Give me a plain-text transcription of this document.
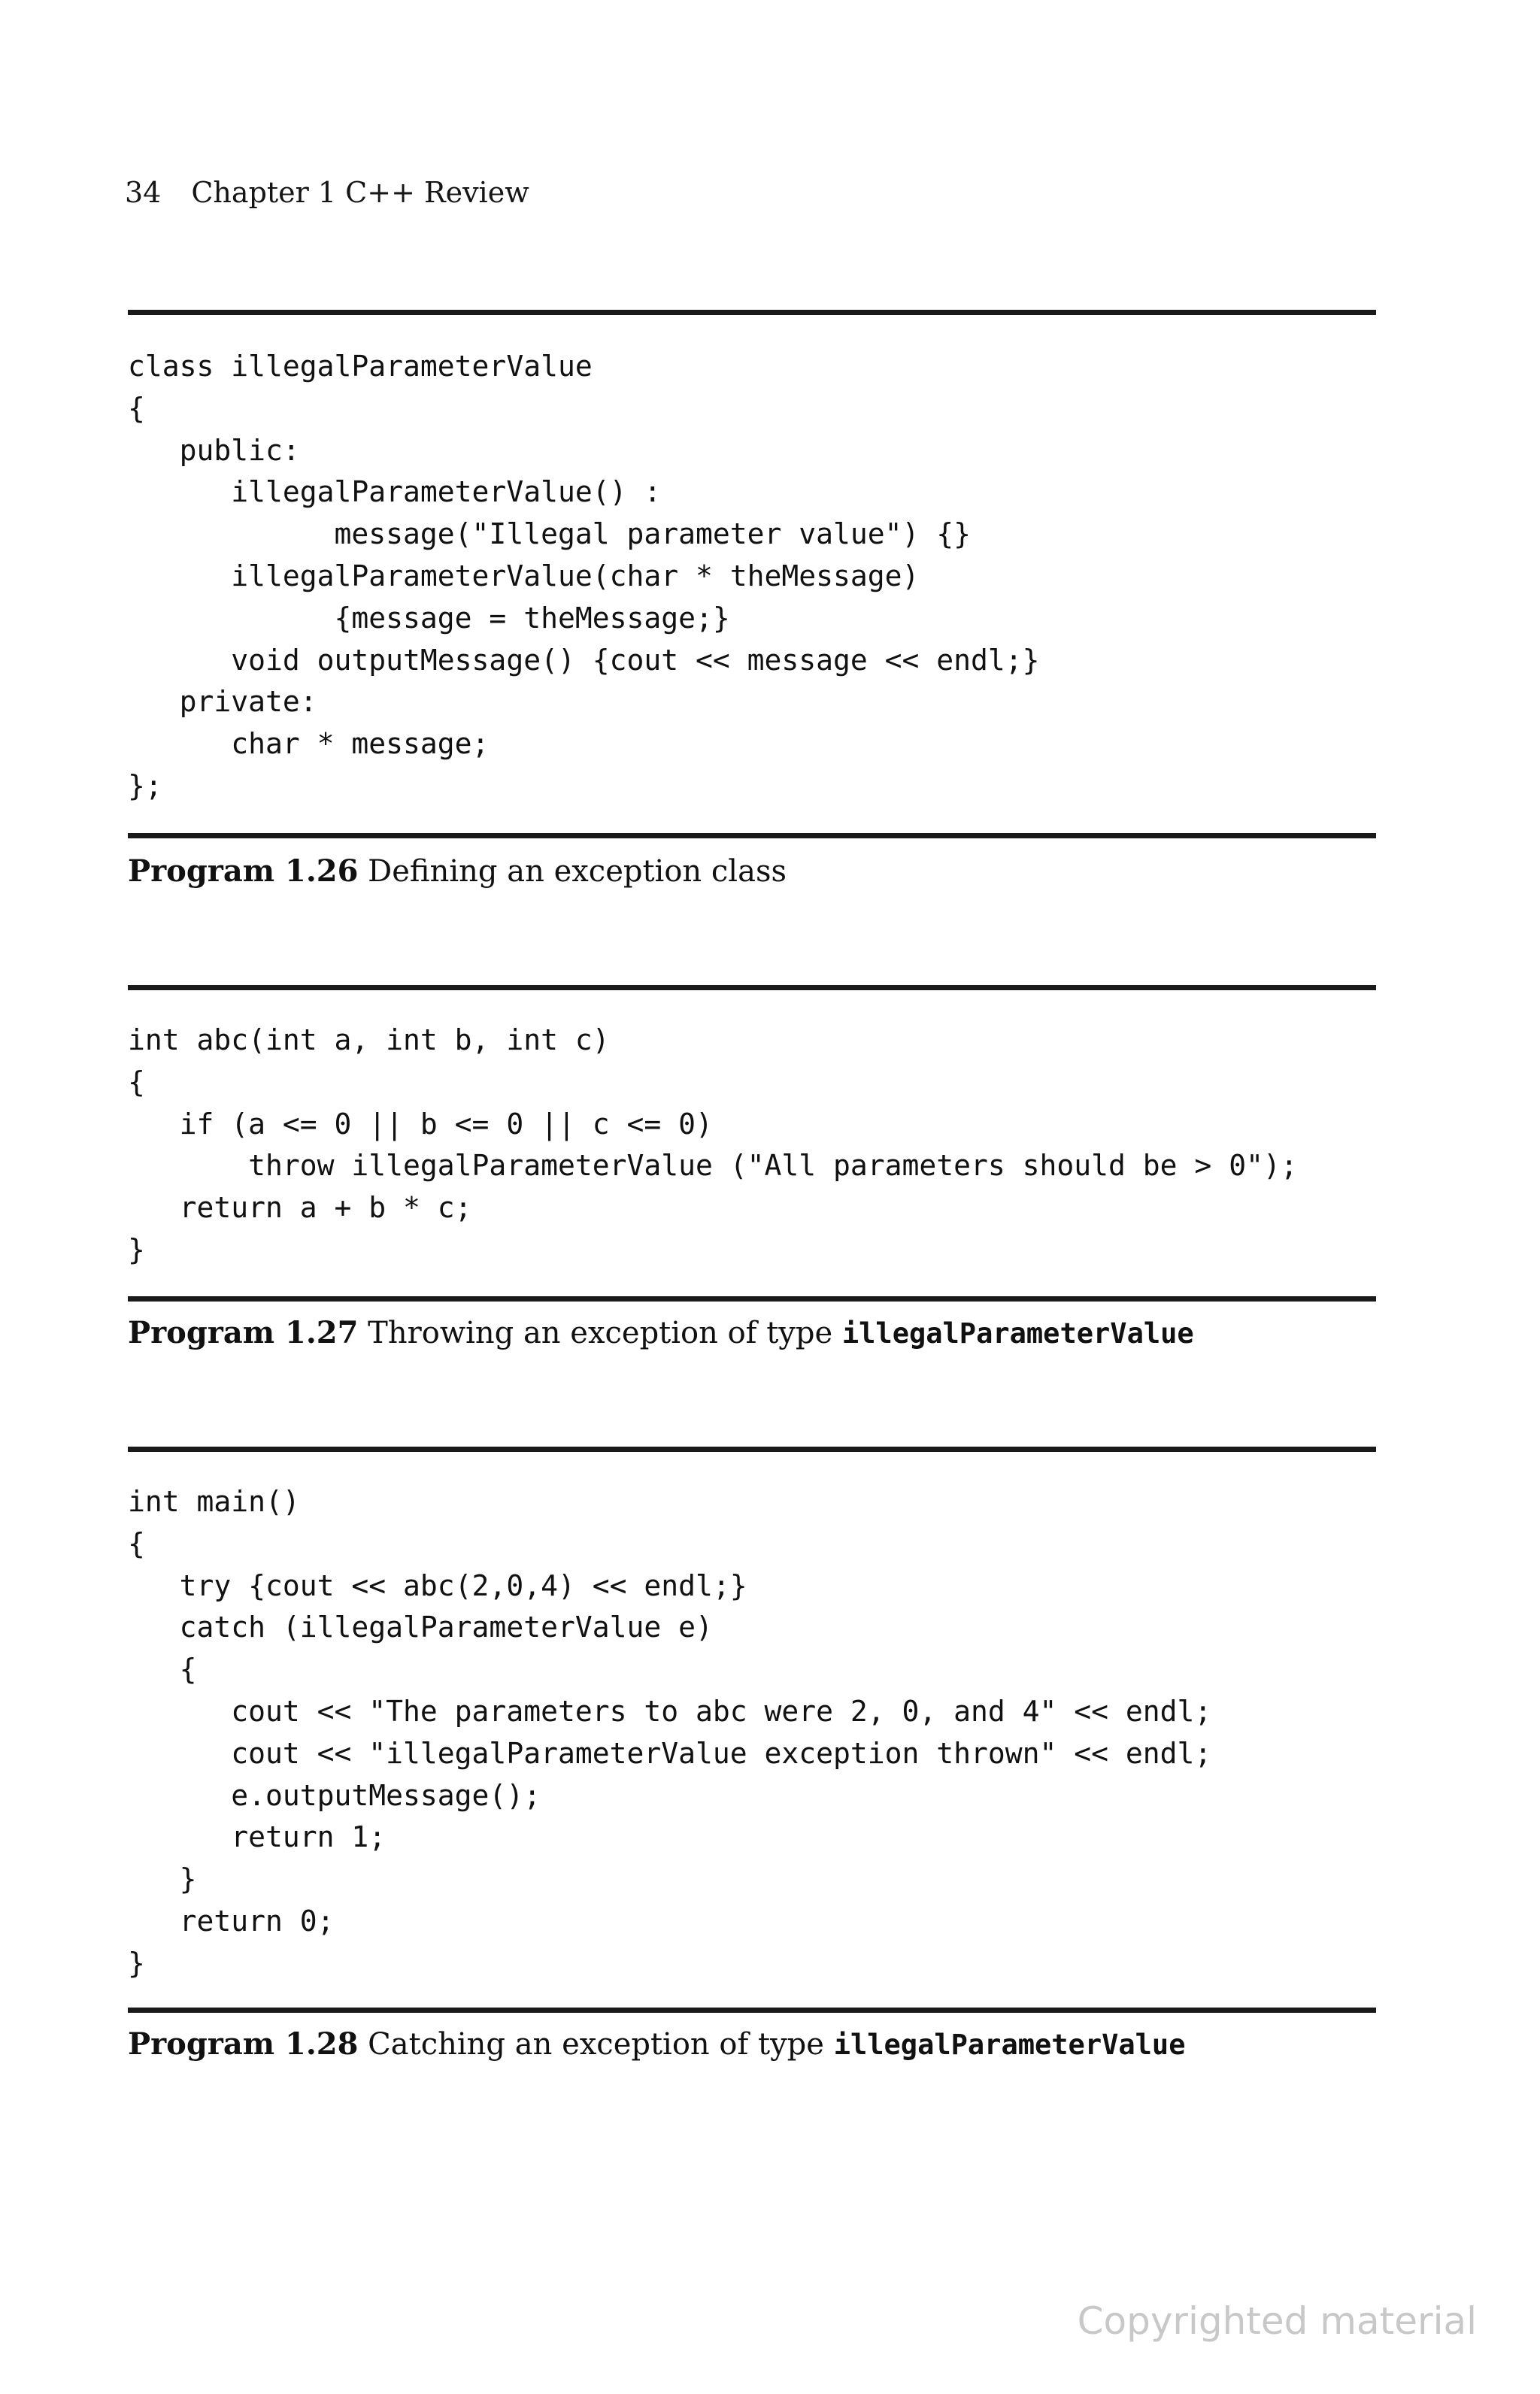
34 Chapter 1 C++ Review
class illegalParameterValue
{
public:
illegalParameterValue() :
message("Illegal parameter value") {}
illegalParameterValue(char * theMessage)
{message = theMessage;}
void outputMessage() {cout << message << endl;}
private:
char * message;
};
Program 1.26 Defining an exception class
int abc(int a, int b, int c)
{
if (a <= 0 || b <= 0 || c <= 0)
throw illegalParameterValue ("All parameters should be > 0");
return a + b * c;
}
Program 1.27 Throwing an exception of type illegalParameterValue
int main()
{
try {cout << abc(2,0,4) << endl;}
catch (illegalParameterValue e)
{
cout << "The parameters to abc were 2, 0, and 4" << endl;
cout << "illegalParameterValue exception thrown" << endl;
e.outputMessage();
return 1;
}
return 0;
}
Program 1.28 Catching an exception of type illegalParameterValue
Copyrighted material
